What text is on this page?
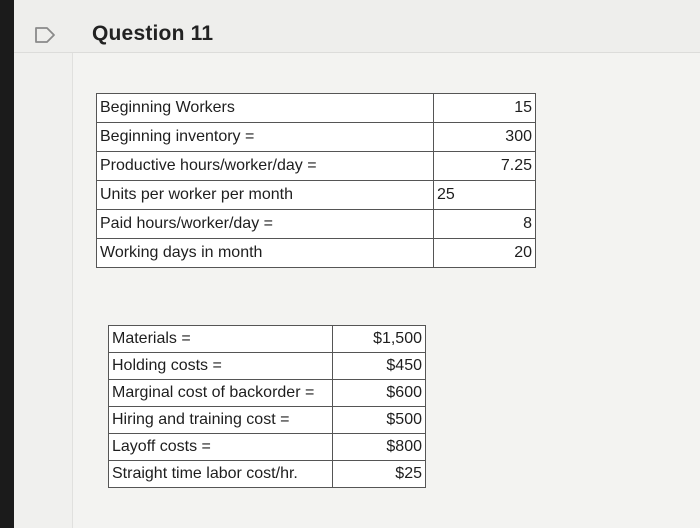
Question 11
Beginning Workers	15
Beginning inventory =	300
Productive hours/worker/day =	7.25
Units per worker per month	25
Paid hours/worker/day =	8
Working days in month	20
Materials =	$1,500
Holding costs =	$450
Marginal cost of backorder =	$600
Hiring and training cost =	$500
Layoff costs =	$800
Straight time labor cost/hr.	$25
